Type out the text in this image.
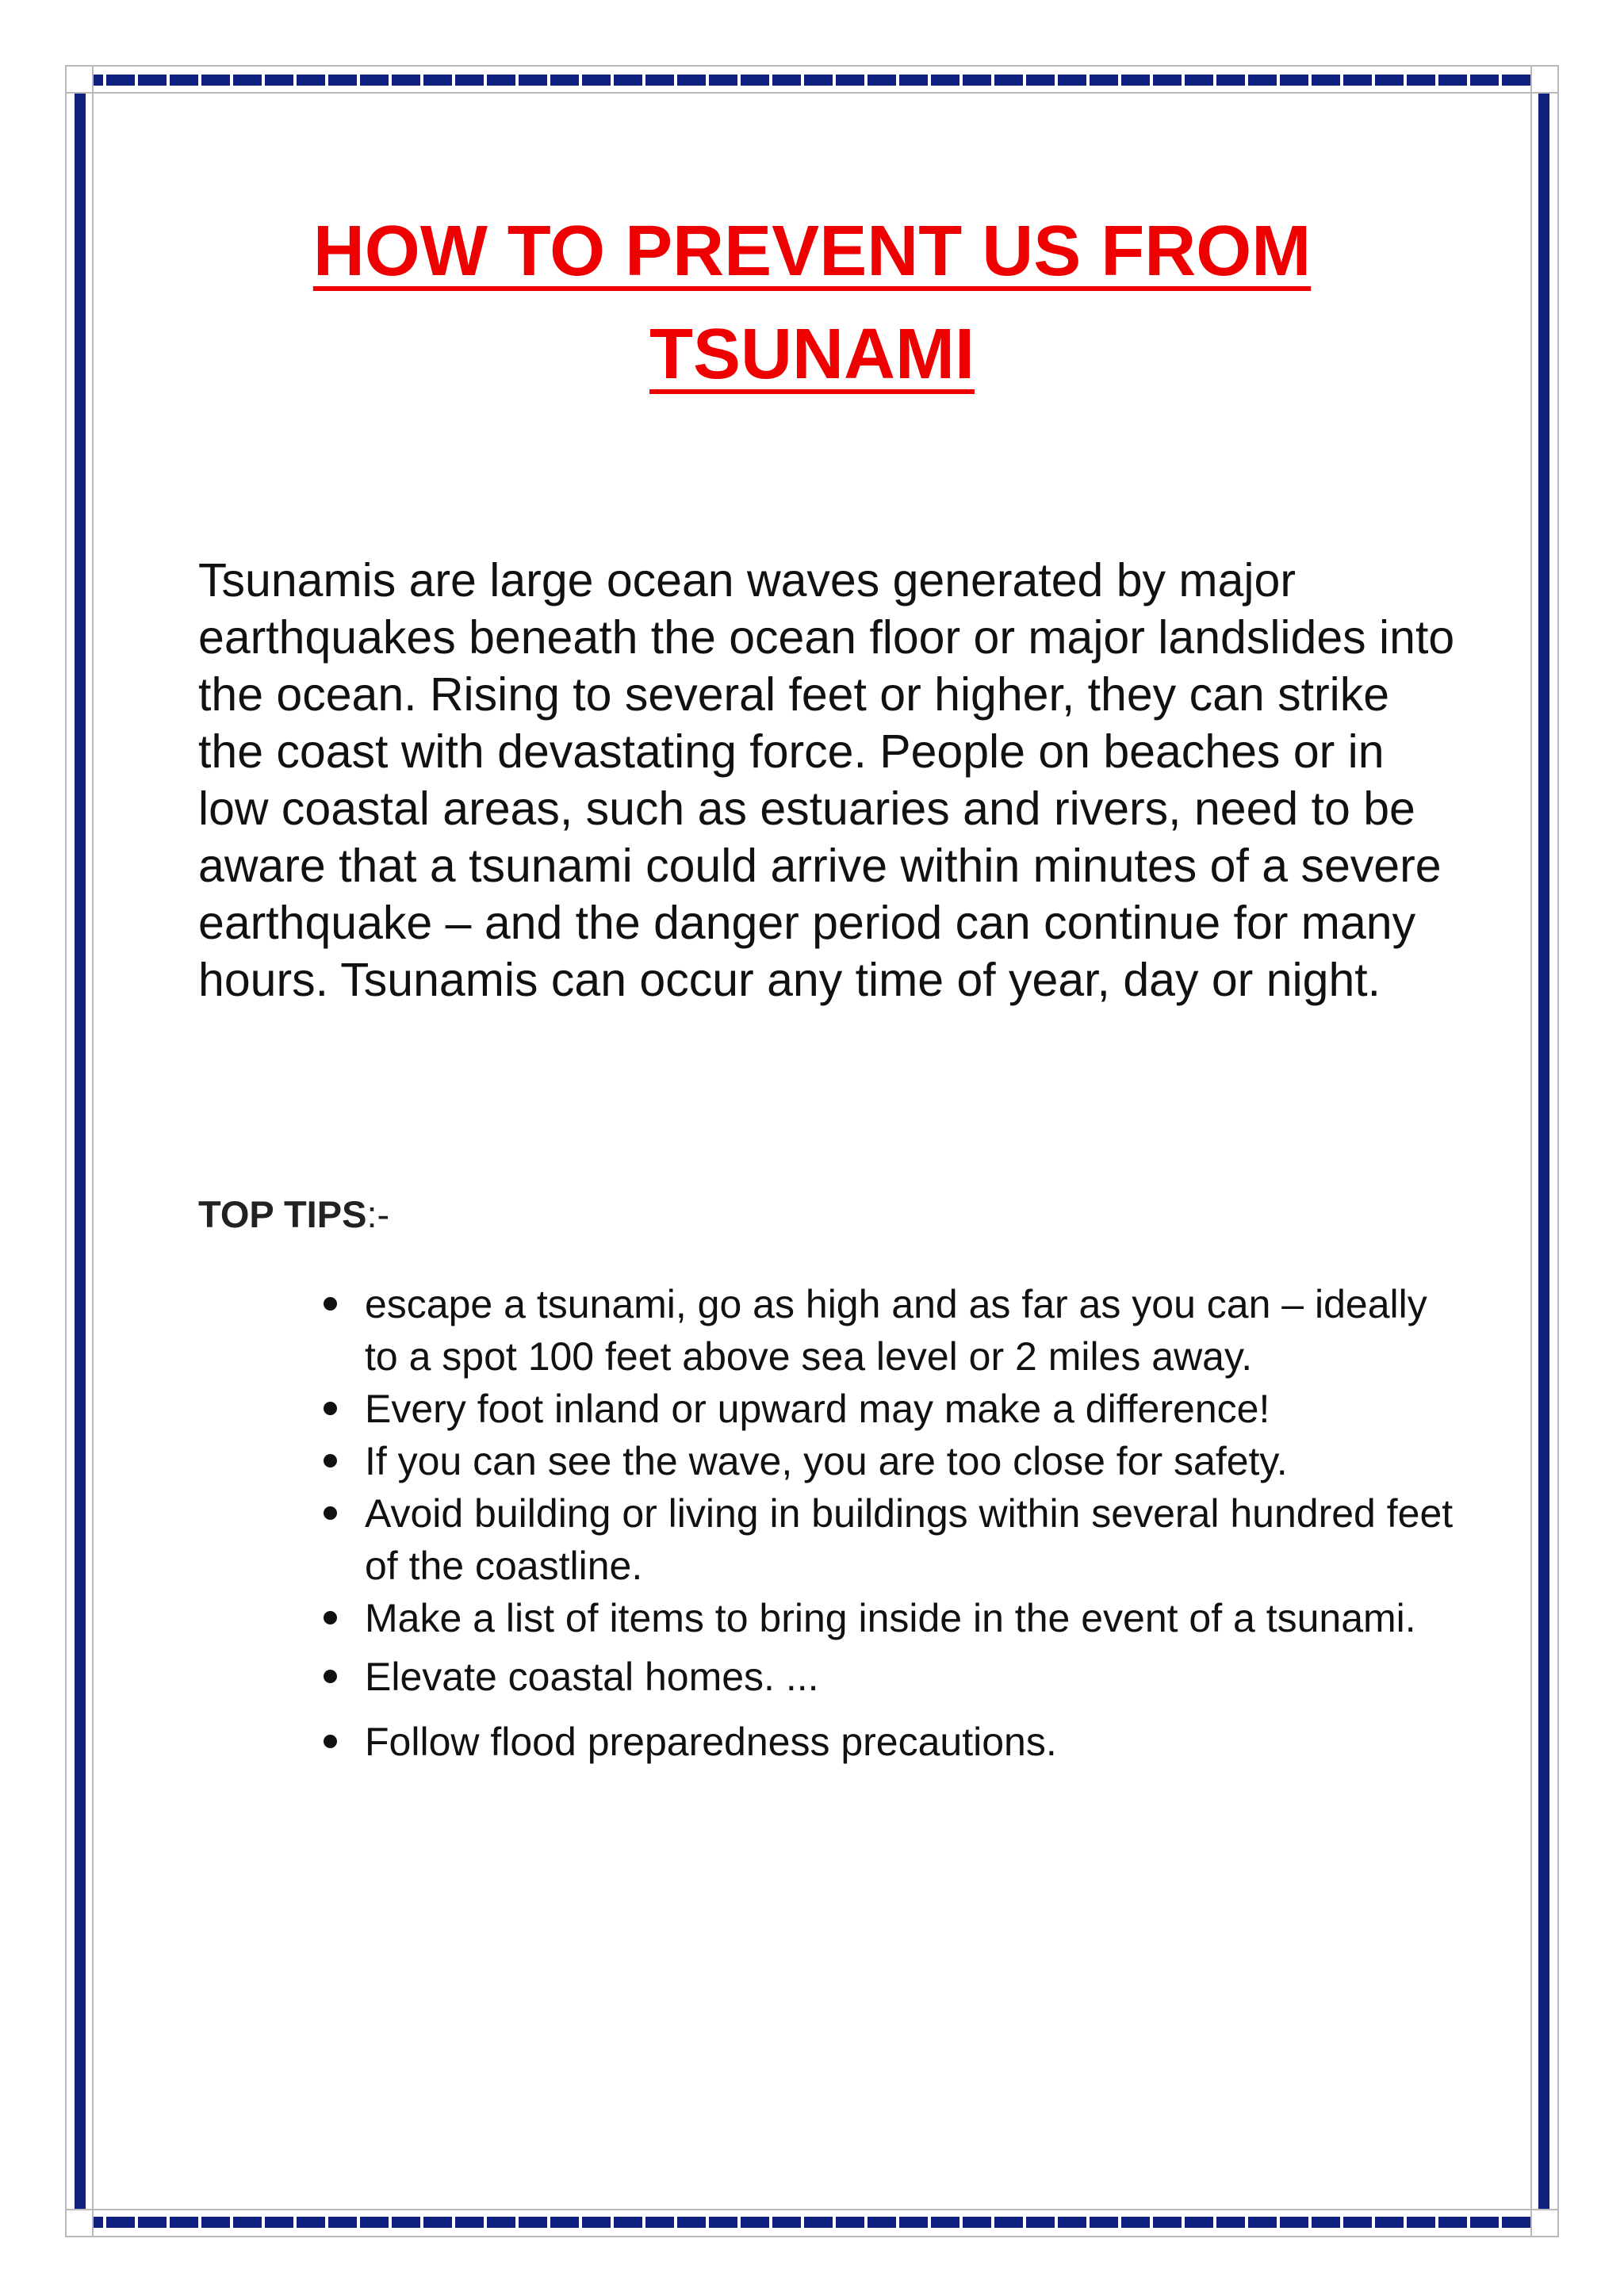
HOW TO PREVENT US FROM TSUNAMI

Tsunamis are large ocean waves generated by major earthquakes beneath the ocean floor or major landslides into the ocean. Rising to several feet or higher, they can strike the coast with devastating force. People on beaches or in low coastal areas, such as estuaries and rivers, need to be aware that a tsunami could arrive within minutes of a severe earthquake – and the danger period can continue for many hours. Tsunamis can occur any time of year, day or night.

TOP TIPS:-

escape a tsunami, go as high and as far as you can – ideally to a spot 100 feet above sea level or 2 miles away.
Every foot inland or upward may make a difference!
If you can see the wave, you are too close for safety.
Avoid building or living in buildings within several hundred feet of the coastline.
Make a list of items to bring inside in the event of a tsunami.
Elevate coastal homes. ...
Follow flood preparedness precautions.
